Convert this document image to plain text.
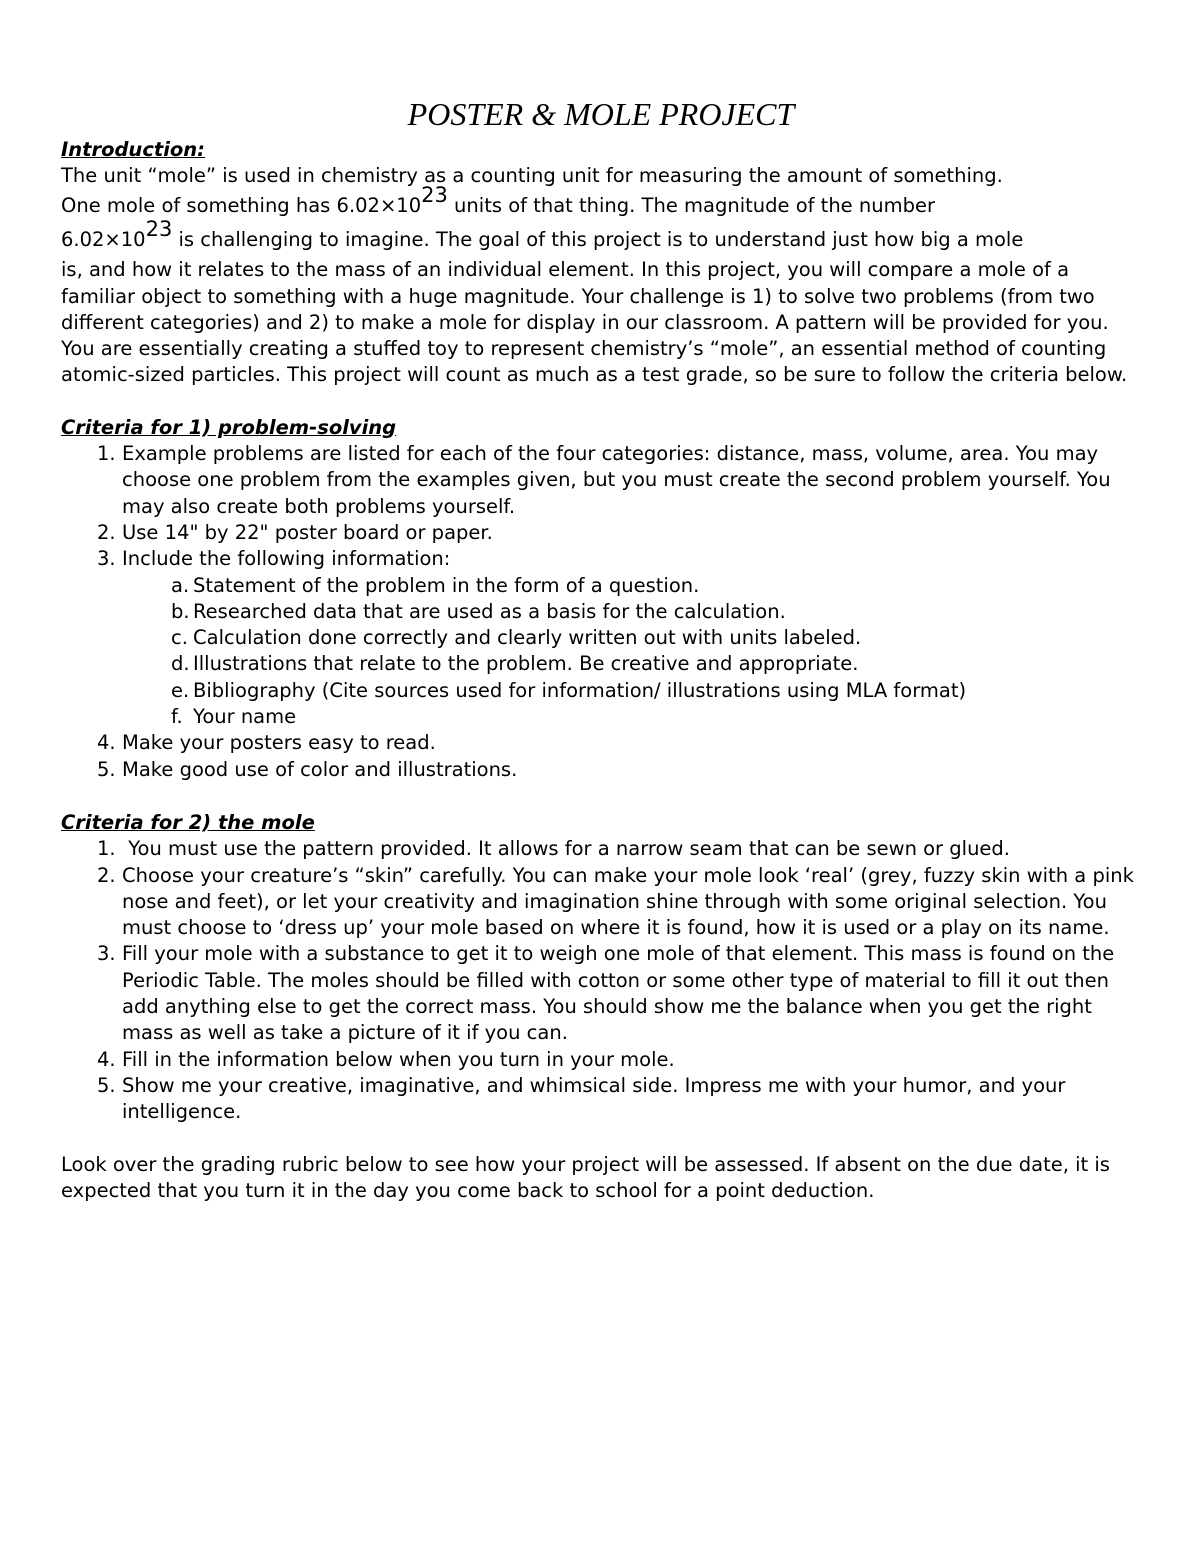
POSTER & MOLE PROJECT
Introduction:
The unit “mole” is used in chemistry as a counting unit for measuring the amount of something.
One mole of something has $6.02\times 10^{23}$ units of that thing. The magnitude of the number
$6.02\times 10^{23}$ is challenging to imagine. The goal of this project is to understand just how big a mole
is, and how it relates to the mass of an individual element. In this project, you will compare a mole of a familiar object to something with a huge magnitude. Your challenge is 1) to solve two problems (from two different categories) and 2) to make a mole for display in our classroom. A pattern will be provided for you. You are essentially creating a stuffed toy to represent chemistry’s “mole”, an essential method of counting atomic-sized particles. This project will count as much as a test grade, so be sure to follow the criteria below.
Criteria for 1) problem-solving
1. Example problems are listed for each of the four categories: distance, mass, volume, area. You may choose one problem from the examples given, but you must create the second problem yourself. You may also create both problems yourself.
2. Use 14" by 22" poster board or paper.
3. Include the following information:
a. Statement of the problem in the form of a question.
b. Researched data that are used as a basis for the calculation.
c. Calculation done correctly and clearly written out with units labeled.
d. Illustrations that relate to the problem. Be creative and appropriate.
e. Bibliography (Cite sources used for information/ illustrations using MLA format)
f. Your name
4. Make your posters easy to read.
5. Make good use of color and illustrations.
Criteria for 2) the mole
1. You must use the pattern provided. It allows for a narrow seam that can be sewn or glued.
2. Choose your creature’s “skin” carefully. You can make your mole look ‘real’ (grey, fuzzy skin with a pink nose and feet), or let your creativity and imagination shine through with some original selection. You must choose to ‘dress up’ your mole based on where it is found, how it is used or a play on its name.
3. Fill your mole with a substance to get it to weigh one mole of that element. This mass is found on the Periodic Table. The moles should be filled with cotton or some other type of material to fill it out then add anything else to get the correct mass. You should show me the balance when you get the right mass as well as take a picture of it if you can.
4. Fill in the information below when you turn in your mole.
5. Show me your creative, imaginative, and whimsical side. Impress me with your humor, and your intelligence.
Look over the grading rubric below to see how your project will be assessed. If absent on the due date, it is expected that you turn it in the day you come back to school for a point deduction.
